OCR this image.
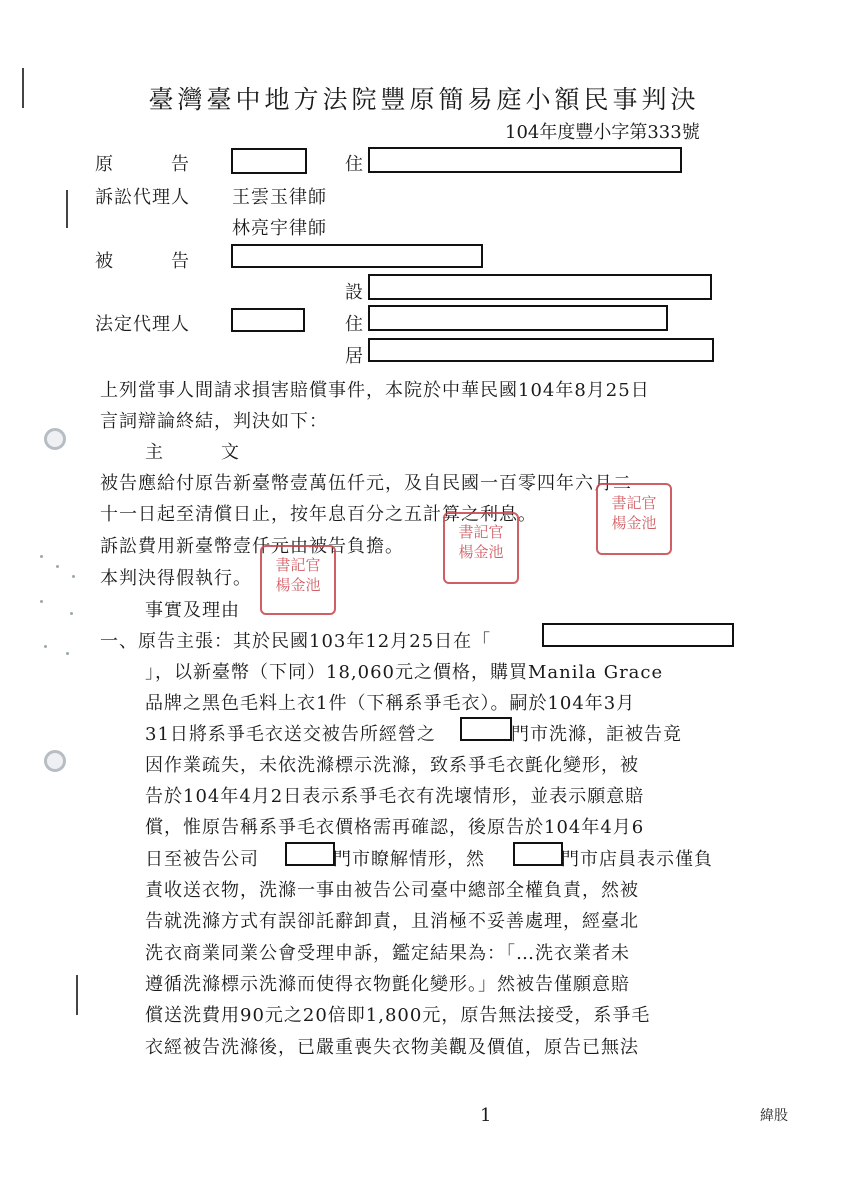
臺灣臺中地方法院豐原簡易庭小額民事判決
104年度豐小字第333號
原　　　告	住
訴訟代理人 王雲玉律師
林亮宇律師
被　　　告
設
法定代理人	住
居
上列當事人間請求損害賠償事件，本院於中華民國104年8月25日
言詞辯論終結，判決如下：
主　　　文
被告應給付原告新臺幣壹萬伍仟元，及自民國一百零四年六月二
十一日起至清償日止，按年息百分之五計算之利息。
訴訟費用新臺幣壹仟元由被告負擔。
本判決得假執行。
事實及理由
一、原告主張：其於民國103年12月25日在「
」，以新臺幣（下同）18,060元之價格，購買Manila Grace
品牌之黑色毛料上衣1件（下稱系爭毛衣）。嗣於104年3月
31日將系爭毛衣送交被告所經營之	門市洗滌，詎被告竟
因作業疏失，未依洗滌標示洗滌，致系爭毛衣氈化變形，被
告於104年4月2日表示系爭毛衣有洗壞情形，並表示願意賠
償，惟原告稱系爭毛衣價格需再確認，後原告於104年4月6
日至被告公司	門市瞭解情形，然	門市店員表示僅負
責收送衣物，洗滌一事由被告公司臺中總部全權負責，然被
告就洗滌方式有誤卻託辭卸責，且消極不妥善處理，經臺北
洗衣商業同業公會受理申訴，鑑定結果為：「…洗衣業者未
遵循洗滌標示洗滌而使得衣物氈化變形。」然被告僅願意賠
償送洗費用90元之20倍即1,800元，原告無法接受，系爭毛
衣經被告洗滌後，已嚴重喪失衣物美觀及價值，原告已無法
書記官
楊金池
書記官
楊金池
書記官
楊金池
1	緯股
